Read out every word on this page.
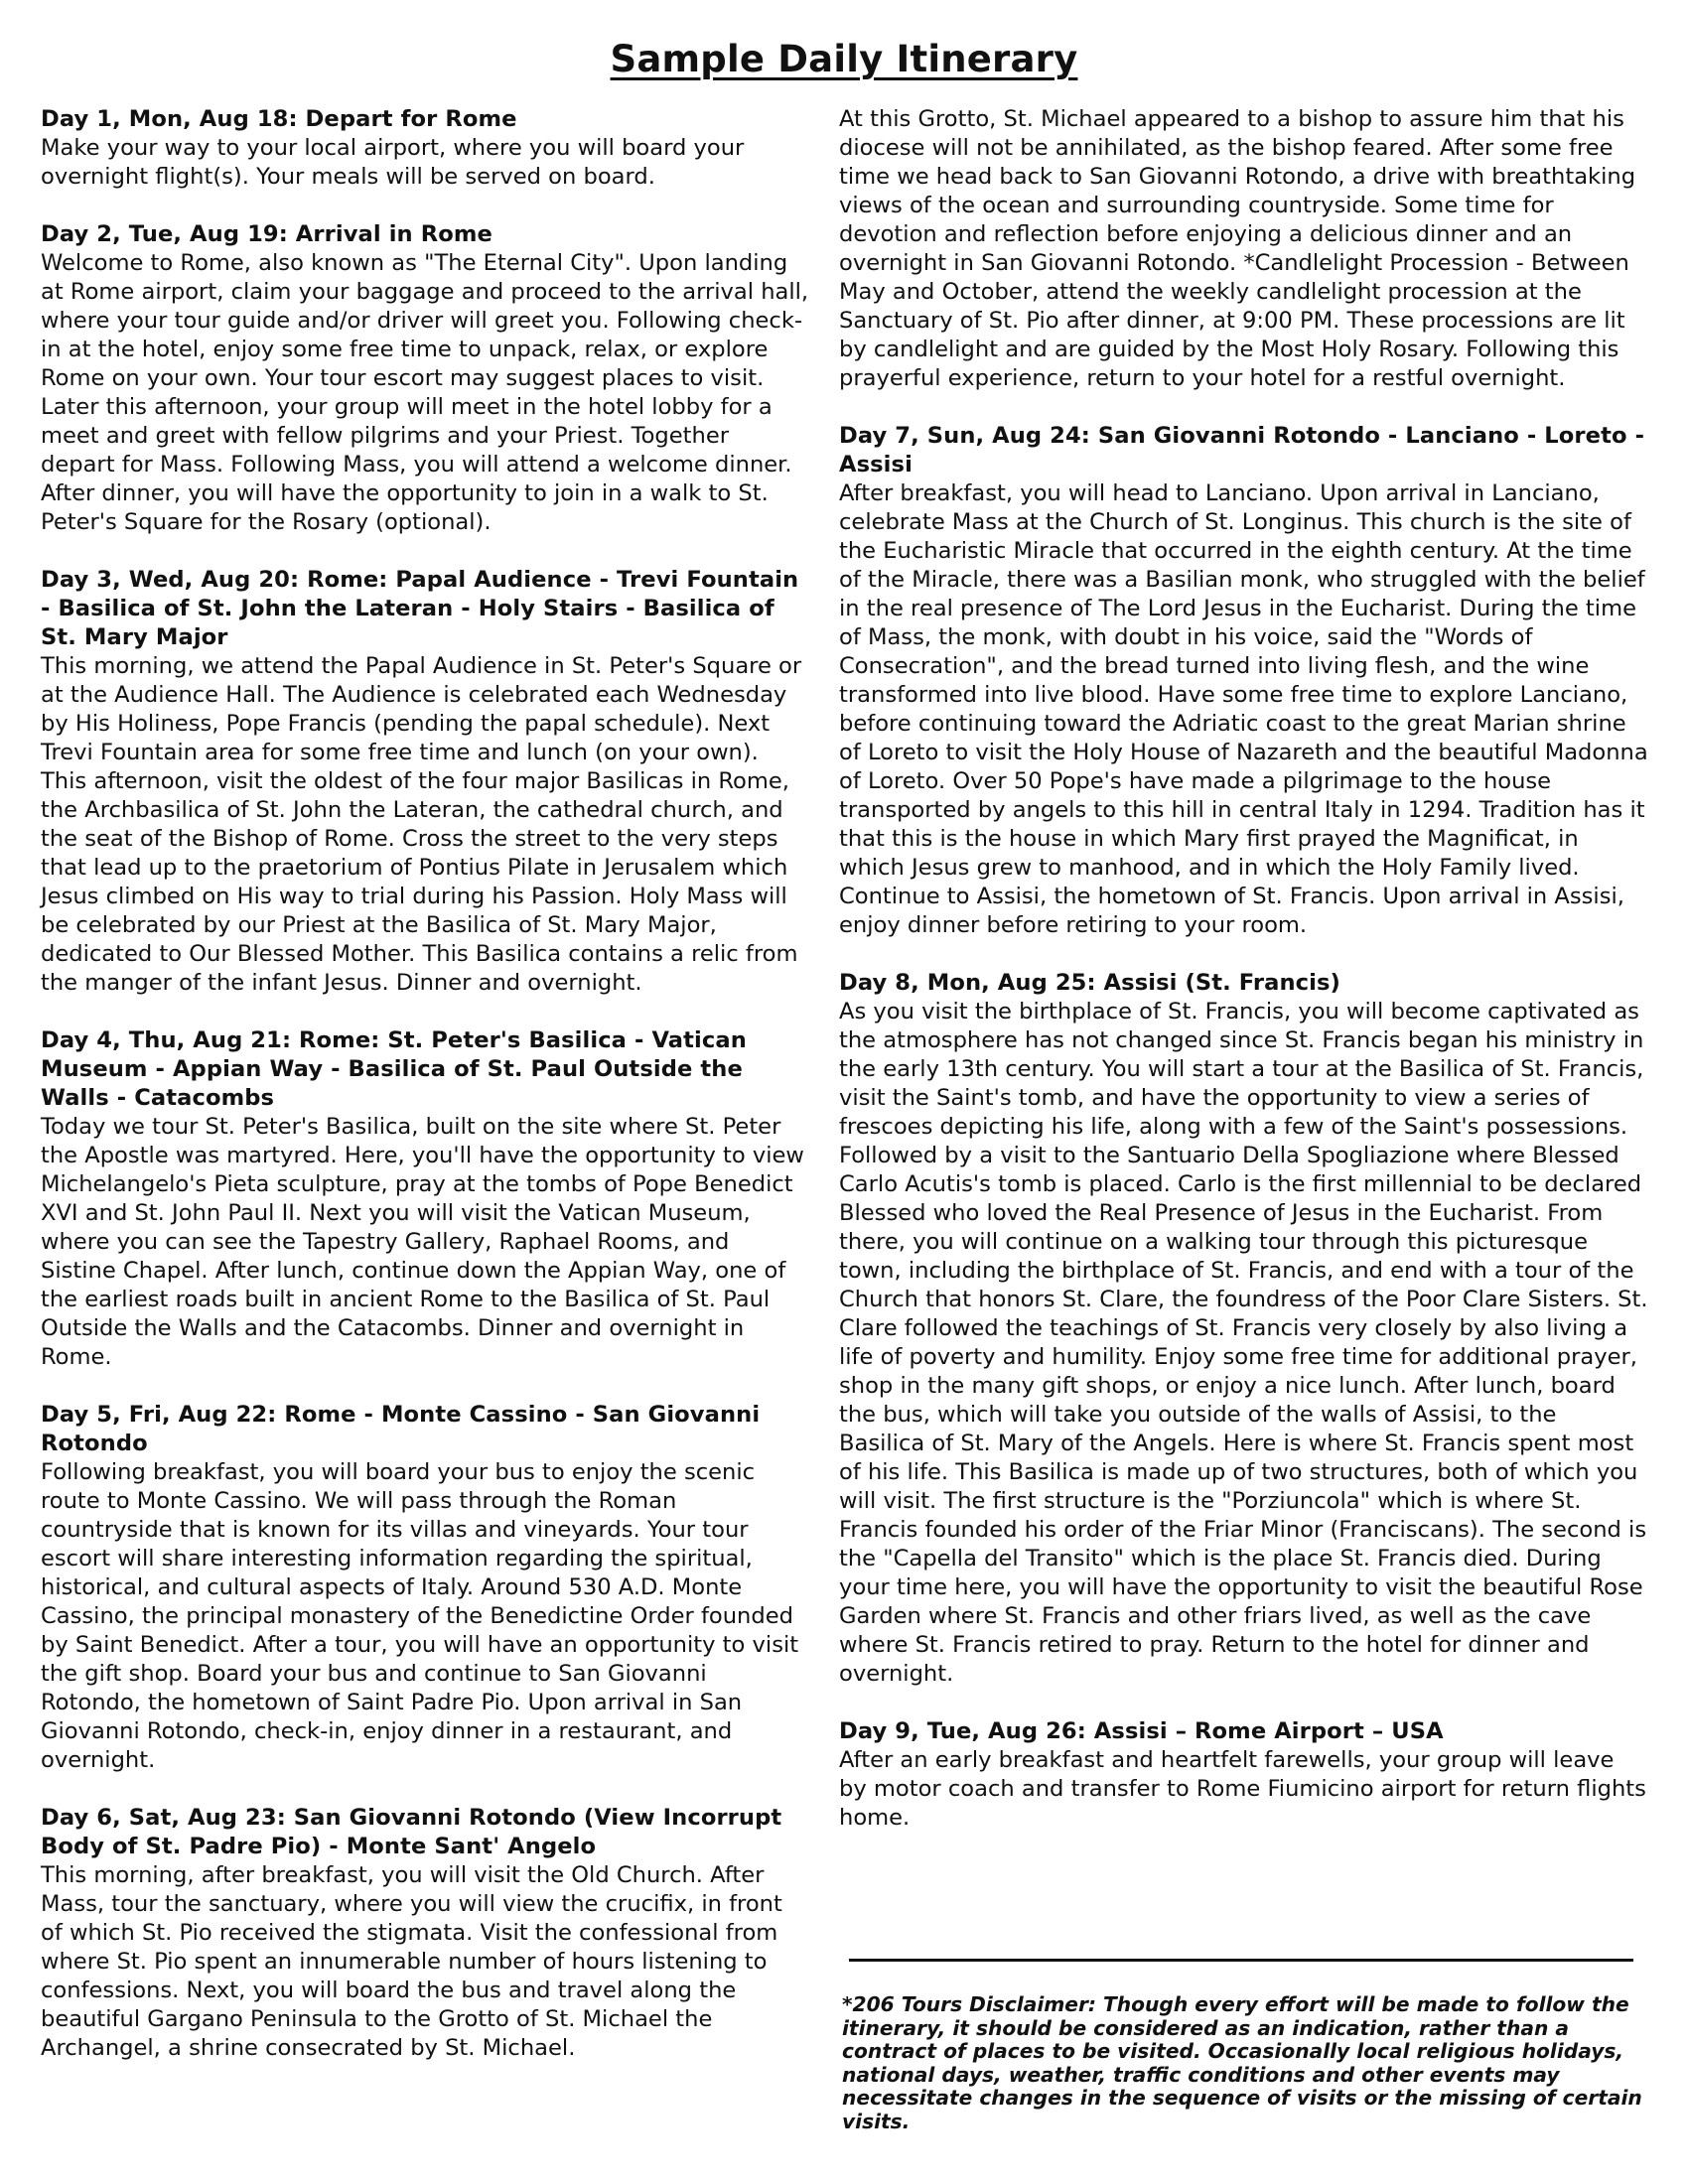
Sample Daily Itinerary

Day 1, Mon, Aug 18: Depart for Rome

Make your way to your local airport, where you will board your overnight flight(s). Your meals will be served on board.

Day 2, Tue, Aug 19: Arrival in Rome

Welcome to Rome, also known as "The Eternal City". Upon landing at Rome airport, claim your baggage and proceed to the arrival hall, where your tour guide and/or driver will greet you. Following check-in at the hotel, enjoy some free time to unpack, relax, or explore Rome on your own. Your tour escort may suggest places to visit. Later this afternoon, your group will meet in the hotel lobby for a meet and greet with fellow pilgrims and your Priest. Together depart for Mass. Following Mass, you will attend a welcome dinner. After dinner, you will have the opportunity to join in a walk to St. Peter's Square for the Rosary (optional).

Day 3, Wed, Aug 20: Rome: Papal Audience - Trevi Fountain - Basilica of St. John the Lateran - Holy Stairs - Basilica of St. Mary Major

This morning, we attend the Papal Audience in St. Peter's Square or at the Audience Hall. The Audience is celebrated each Wednesday by His Holiness, Pope Francis (pending the papal schedule). Next Trevi Fountain area for some free time and lunch (on your own). This afternoon, visit the oldest of the four major Basilicas in Rome, the Archbasilica of St. John the Lateran, the cathedral church, and the seat of the Bishop of Rome. Cross the street to the very steps that lead up to the praetorium of Pontius Pilate in Jerusalem which Jesus climbed on His way to trial during his Passion. Holy Mass will be celebrated by our Priest at the Basilica of St. Mary Major, dedicated to Our Blessed Mother. This Basilica contains a relic from the manger of the infant Jesus. Dinner and overnight.

Day 4, Thu, Aug 21: Rome: St. Peter's Basilica - Vatican Museum - Appian Way - Basilica of St. Paul Outside the Walls - Catacombs

Today we tour St. Peter's Basilica, built on the site where St. Peter the Apostle was martyred. Here, you'll have the opportunity to view Michelangelo's Pieta sculpture, pray at the tombs of Pope Benedict XVI and St. John Paul II. Next you will visit the Vatican Museum, where you can see the Tapestry Gallery, Raphael Rooms, and Sistine Chapel. After lunch, continue down the Appian Way, one of the earliest roads built in ancient Rome to the Basilica of St. Paul Outside the Walls and the Catacombs. Dinner and overnight in Rome.

Day 5, Fri, Aug 22: Rome - Monte Cassino - San Giovanni Rotondo

Following breakfast, you will board your bus to enjoy the scenic route to Monte Cassino. We will pass through the Roman countryside that is known for its villas and vineyards. Your tour escort will share interesting information regarding the spiritual, historical, and cultural aspects of Italy. Around 530 A.D. Monte Cassino, the principal monastery of the Benedictine Order founded by Saint Benedict. After a tour, you will have an opportunity to visit the gift shop. Board your bus and continue to San Giovanni Rotondo, the hometown of Saint Padre Pio. Upon arrival in San Giovanni Rotondo, check-in, enjoy dinner in a restaurant, and overnight.

Day 6, Sat, Aug 23: San Giovanni Rotondo (View Incorrupt Body of St. Padre Pio) - Monte Sant' Angelo

This morning, after breakfast, you will visit the Old Church. After Mass, tour the sanctuary, where you will view the crucifix, in front of which St. Pio received the stigmata. Visit the confessional from where St. Pio spent an innumerable number of hours listening to confessions. Next, you will board the bus and travel along the beautiful Gargano Peninsula to the Grotto of St. Michael the Archangel, a shrine consecrated by St. Michael.

At this Grotto, St. Michael appeared to a bishop to assure him that his diocese will not be annihilated, as the bishop feared. After some free time we head back to San Giovanni Rotondo, a drive with breathtaking views of the ocean and surrounding countryside. Some time for devotion and reflection before enjoying a delicious dinner and an overnight in San Giovanni Rotondo. *Candlelight Procession - Between May and October, attend the weekly candlelight procession at the Sanctuary of St. Pio after dinner, at 9:00 PM. These processions are lit by candlelight and are guided by the Most Holy Rosary. Following this prayerful experience, return to your hotel for a restful overnight.

Day 7, Sun, Aug 24: San Giovanni Rotondo - Lanciano - Loreto - Assisi

After breakfast, you will head to Lanciano. Upon arrival in Lanciano, celebrate Mass at the Church of St. Longinus. This church is the site of the Eucharistic Miracle that occurred in the eighth century. At the time of the Miracle, there was a Basilian monk, who struggled with the belief in the real presence of The Lord Jesus in the Eucharist. During the time of Mass, the monk, with doubt in his voice, said the "Words of Consecration", and the bread turned into living flesh, and the wine transformed into live blood. Have some free time to explore Lanciano, before continuing toward the Adriatic coast to the great Marian shrine of Loreto to visit the Holy House of Nazareth and the beautiful Madonna of Loreto. Over 50 Pope's have made a pilgrimage to the house transported by angels to this hill in central Italy in 1294. Tradition has it that this is the house in which Mary first prayed the Magnificat, in which Jesus grew to manhood, and in which the Holy Family lived. Continue to Assisi, the hometown of St. Francis. Upon arrival in Assisi, enjoy dinner before retiring to your room.

Day 8, Mon, Aug 25: Assisi (St. Francis)

As you visit the birthplace of St. Francis, you will become captivated as the atmosphere has not changed since St. Francis began his ministry in the early 13th century. You will start a tour at the Basilica of St. Francis, visit the Saint's tomb, and have the opportunity to view a series of frescoes depicting his life, along with a few of the Saint's possessions. Followed by a visit to the Santuario Della Spogliazione where Blessed Carlo Acutis's tomb is placed. Carlo is the first millennial to be declared Blessed who loved the Real Presence of Jesus in the Eucharist. From there, you will continue on a walking tour through this picturesque town, including the birthplace of St. Francis, and end with a tour of the Church that honors St. Clare, the foundress of the Poor Clare Sisters. St. Clare followed the teachings of St. Francis very closely by also living a life of poverty and humility. Enjoy some free time for additional prayer, shop in the many gift shops, or enjoy a nice lunch. After lunch, board the bus, which will take you outside of the walls of Assisi, to the Basilica of St. Mary of the Angels. Here is where St. Francis spent most of his life. This Basilica is made up of two structures, both of which you will visit. The first structure is the "Porziuncola" which is where St. Francis founded his order of the Friar Minor (Franciscans). The second is the "Capella del Transito" which is the place St. Francis died. During your time here, you will have the opportunity to visit the beautiful Rose Garden where St. Francis and other friars lived, as well as the cave where St. Francis retired to pray. Return to the hotel for dinner and overnight.

Day 9, Tue, Aug 26: Assisi – Rome Airport – USA

After an early breakfast and heartfelt farewells, your group will leave by motor coach and transfer to Rome Fiumicino airport for return flights home.

*206 Tours Disclaimer: Though every effort will be made to follow the itinerary, it should be considered as an indication, rather than a contract of places to be visited. Occasionally local religious holidays, national days, weather, traffic conditions and other events may necessitate changes in the sequence of visits or the missing of certain visits.
